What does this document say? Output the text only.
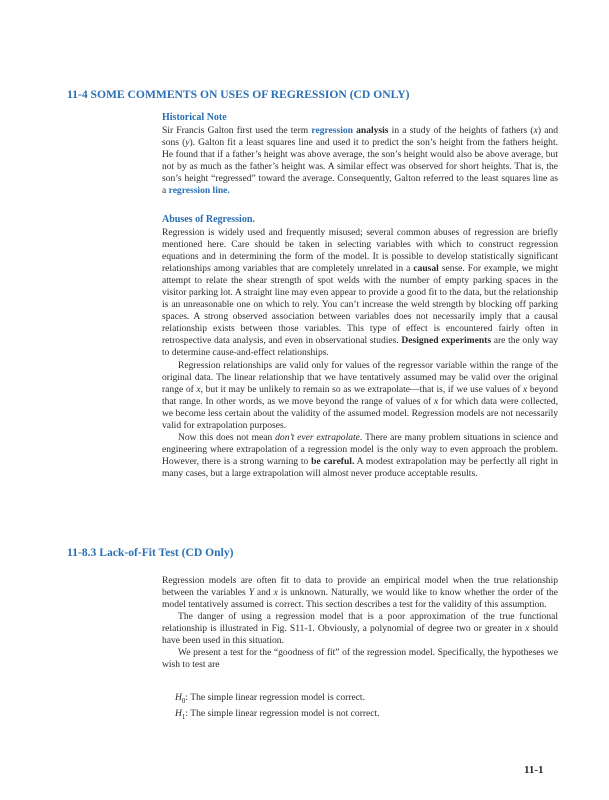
11-4 SOME COMMENTS ON USES OF REGRESSION (CD ONLY)
Historical Note

Sir Francis Galton first used the term regression analysis in a study of the heights of fathers (x) and sons (y). Galton fit a least squares line and used it to predict the son’s height from the fathers height. He found that if a father’s height was above average, the son’s height would also be above average, but not by as much as the father’s height was. A similar effect was observed for short heights. That is, the son’s height “regressed” toward the average. Consequently, Galton referred to the least squares line as a regression line.

Abuses of Regression.

Regression is widely used and frequently misused; several common abuses of regression are briefly mentioned here. Care should be taken in selecting variables with which to construct regression equations and in determining the form of the model. It is possible to develop statistically significant relationships among variables that are completely unrelated in a causal sense. For example, we might attempt to relate the shear strength of spot welds with the number of empty parking spaces in the visitor parking lot. A straight line may even appear to provide a good fit to the data, but the relationship is an unreasonable one on which to rely. You can’t increase the weld strength by blocking off parking spaces. A strong observed association between variables does not necessarily imply that a causal relationship exists between those variables. This type of effect is encountered fairly often in retrospective data analysis, and even in observational studies. Designed experiments are the only way to determine cause-and-effect relationships.

Regression relationships are valid only for values of the regressor variable within the range of the original data. The linear relationship that we have tentatively assumed may be valid over the original range of x, but it may be unlikely to remain so as we extrapolate—that is, if we use values of x beyond that range. In other words, as we move beyond the range of values of x for which data were collected, we become less certain about the validity of the assumed model. Regression models are not necessarily valid for extrapolation purposes.

Now this does not mean don’t ever extrapolate. There are many problem situations in science and engineering where extrapolation of a regression model is the only way to even approach the problem. However, there is a strong warning to be careful. A modest extrapolation may be perfectly all right in many cases, but a large extrapolation will almost never produce acceptable results.

11-8.3 Lack-of-Fit Test (CD Only)

Regression models are often fit to data to provide an empirical model when the true relationship between the variables Y and x is unknown. Naturally, we would like to know whether the order of the model tentatively assumed is correct. This section describes a test for the validity of this assumption.

The danger of using a regression model that is a poor approximation of the true functional relationship is illustrated in Fig. S11-1. Obviously, a polynomial of degree two or greater in x should have been used in this situation.

We present a test for the “goodness of fit” of the regression model. Specifically, the hypotheses we wish to test are

$H_0$: The simple linear regression model is correct.

$H_1$: The simple linear regression model is not correct.

11-1
